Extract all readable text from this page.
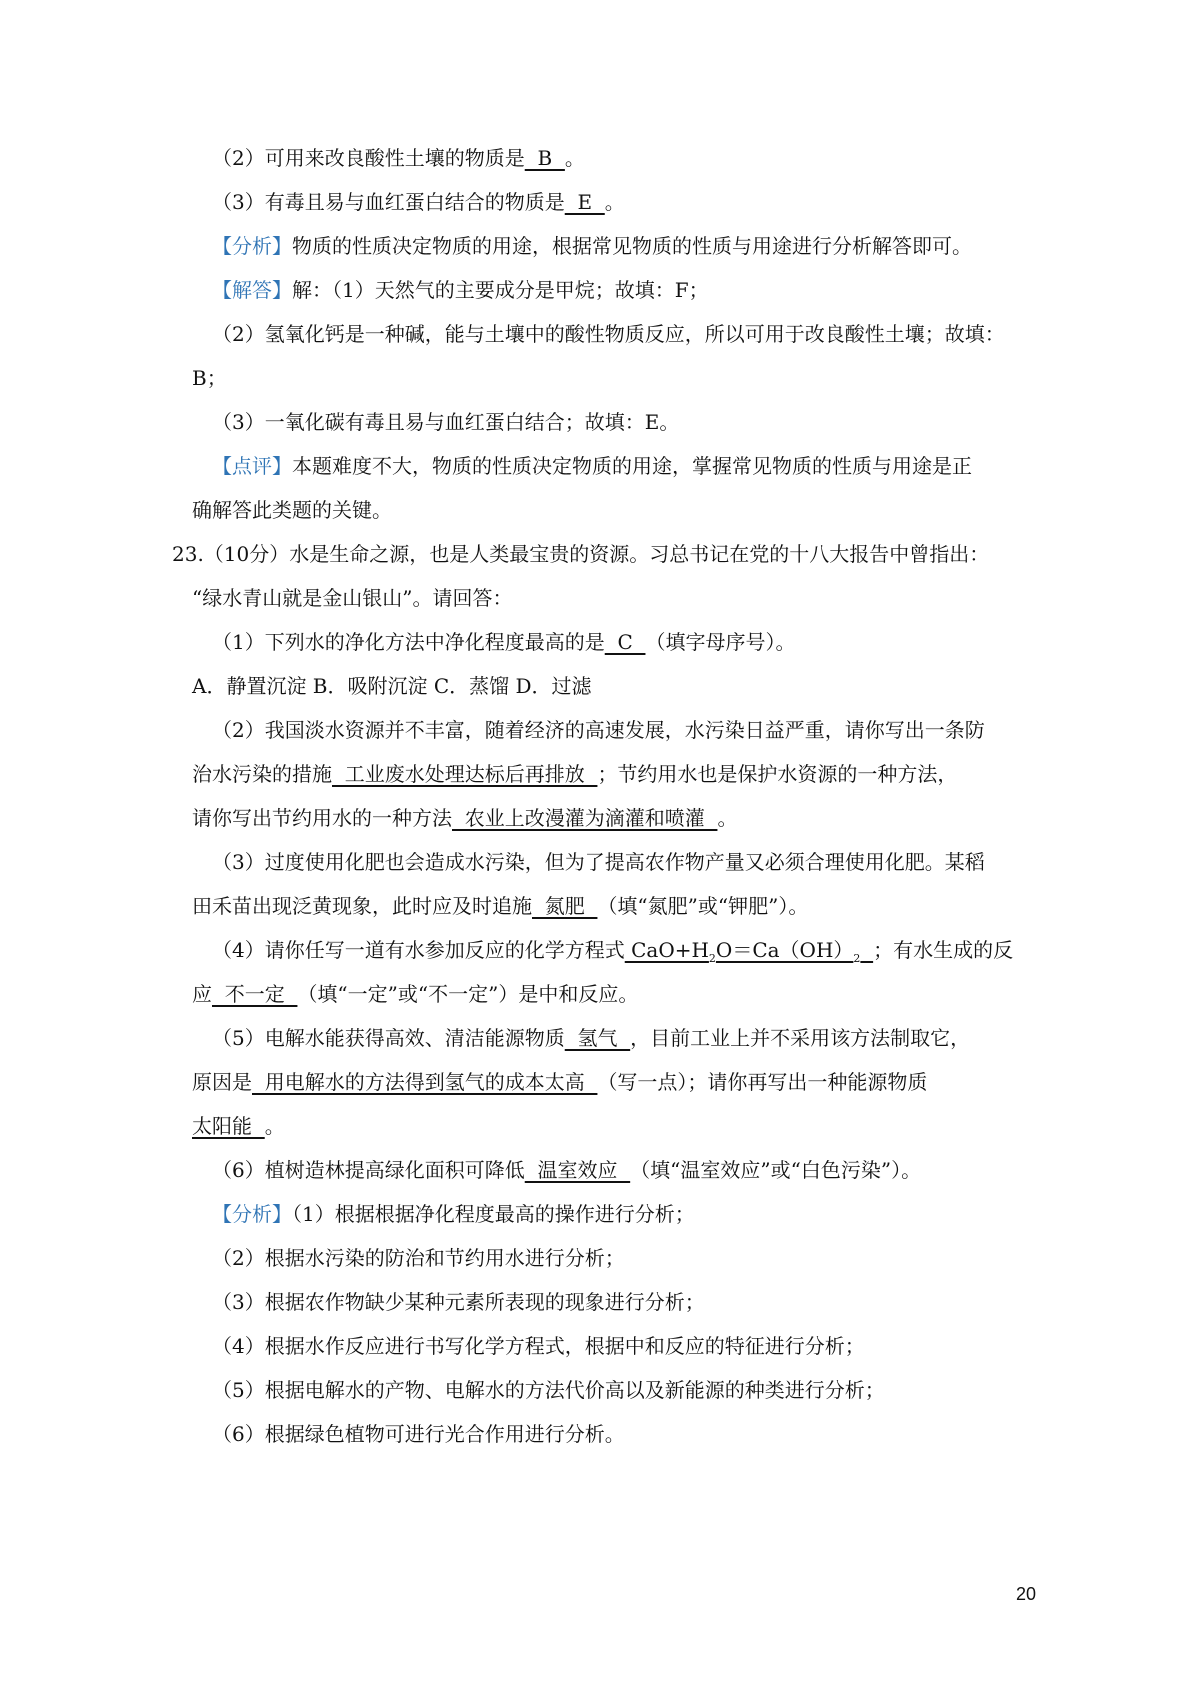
（2）可用来改良酸性土壤的物质是  B  。
（3）有毒且易与血红蛋白结合的物质是  E  。
【分析】物质的性质决定物质的用途，根据常见物质的性质与用途进行分析解答即可。
【解答】解：（1）天然气的主要成分是甲烷；故填：F；
（2）氢氧化钙是一种碱，能与土壤中的酸性物质反应，所以可用于改良酸性土壤；故填：
B；
（3）一氧化碳有毒且易与血红蛋白结合；故填：E。
【点评】本题难度不大，物质的性质决定物质的用途，掌握常见物质的性质与用途是正
确解答此类题的关键。
23.（10分）水是生命之源，也是人类最宝贵的资源。习总书记在党的十八大报告中曾指出：
“绿水青山就是金山银山”。请回答：
（1）下列水的净化方法中净化程度最高的是  C  （填字母序号）。
A．静置沉淀 B．吸附沉淀 C．蒸馏 D．过滤
（2）我国淡水资源并不丰富，随着经济的高速发展，水污染日益严重，请你写出一条防
治水污染的措施  工业废水处理达标后再排放  ；节约用水也是保护水资源的一种方法，
请你写出节约用水的一种方法  农业上改漫灌为滴灌和喷灌  。
（3）过度使用化肥也会造成水污染，但为了提高农作物产量又必须合理使用化肥。某稻
田禾苗出现泛黄现象，此时应及时追施  氮肥  （填“氮肥”或“钾肥”）。
（4）请你任写一道有水参加反应的化学方程式 $CaO+H_2O=Ca(OH)_2$ ；有水生成的反
应  不一定  （填“一定”或“不一定”）是中和反应。
（5）电解水能获得高效、清洁能源物质  氢气  ，目前工业上并不采用该方法制取它，
原因是  用电解水的方法得到氢气的成本太高  （写一点）；请你再写出一种能源物质
太阳能  。
（6）植树造林提高绿化面积可降低  温室效应  （填“温室效应”或“白色污染”）。
【分析】（1）根据根据净化程度最高的操作进行分析；
（2）根据水污染的防治和节约用水进行分析；
（3）根据农作物缺少某种元素所表现的现象进行分析；
（4）根据水作反应进行书写化学方程式，根据中和反应的特征进行分析；
（5）根据电解水的产物、电解水的方法代价高以及新能源的种类进行分析；
（6）根据绿色植物可进行光合作用进行分析。
20
